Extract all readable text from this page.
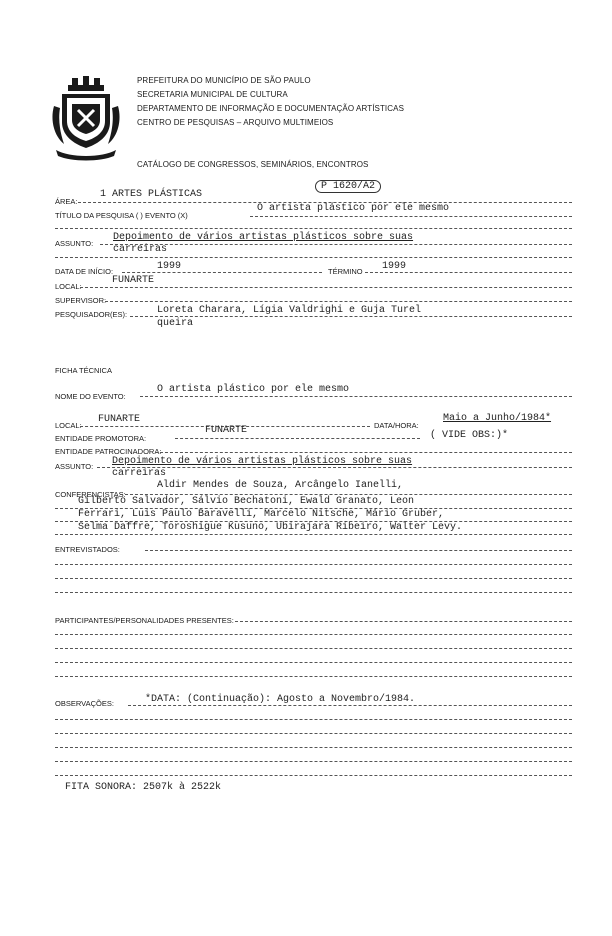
PREFEITURA DO MUNICÍPIO DE SÃO PAULO
SECRETARIA MUNICIPAL DE CULTURA
DEPARTAMENTO DE INFORMAÇÃO E DOCUMENTAÇÃO ARTÍSTICAS
CENTRO DE PESQUISAS – ARQUIVO MULTIMEIOS
CATÁLOGO DE CONGRESSOS, SEMINÁRIOS, ENCONTROS
P 1620/A2
ÁREA:
1 ARTES PLÁSTICAS
TÍTULO DA PESQUISA ( ) EVENTO (X)
O artista plástico por ele mesmo
ASSUNTO:
Depoimento de vários artistas plásticos sobre suas
carreiras
DATA DE INÍCIO:	1999	TÉRMINO 1999
LOCAL:
FUNARTE
SUPERVISOR:
PESQUISADOR(ES):	Loreta Charara, Lígia Valdrighi e Guja Turel
queira
FICHA TÉCNICA
NOME DO EVENTO:
O artista plástico por ele mesmo
LOCAL:
FUNARTE
DATA/HORA:
Maio a Junho/1984*
ENTIDADE PROMOTORA:
FUNARTE	( VIDE OBS:)*
ENTIDADE PATROCINADORA:
ASSUNTO: Depoimento de vários artistas plásticos sobre suas
carreiras
CONFERENCISTAS:
Aldir Mendes de Souza, Arcângelo Ianelli,
Gilberto Salvador, Sálvio Bechatoni, Ewald Granato, Leon
Ferrari, Luis Paulo Baravelli, Marcelo Nitsche, Mário Gruber,
Selma Daffre, Toroshigue Kusuno, Ubirajara Ribeiro, Walter Levy.
ENTREVISTADOS:
PARTICIPANTES/PERSONALIDADES PRESENTES:
OBSERVAÇÕES:	*DATA: (Continuação): Agosto a Novembro/1984.
FITA SONORA: 2507k à 2522k
